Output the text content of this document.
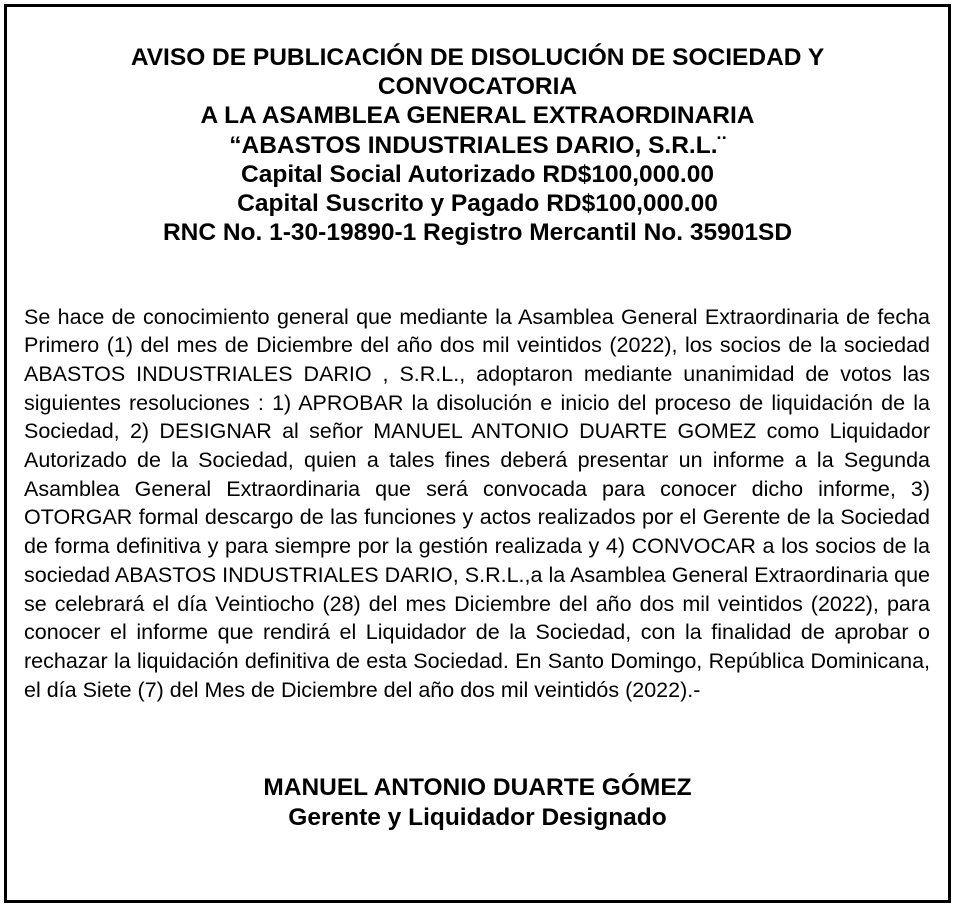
AVISO DE PUBLICACIÓN DE DISOLUCIÓN DE SOCIEDAD Y
CONVOCATORIA
A LA ASAMBLEA GENERAL EXTRAORDINARIA
“ABASTOS INDUSTRIALES DARIO, S.R.L.¨
Capital Social Autorizado RD$100,000.00
Capital Suscrito y Pagado RD$100,000.00
RNC No. 1-30-19890-1 Registro Mercantil No. 35901SD

Se hace de conocimiento general que mediante la Asamblea General Extraordinaria de fecha Primero (1) del mes de Diciembre del año dos mil veintidos (2022), los socios de la sociedad ABASTOS INDUSTRIALES DARIO , S.R.L., adoptaron mediante unanimidad de votos las siguientes resoluciones : 1) APROBAR la disolución e inicio del proceso de liquidación de la Sociedad, 2) DESIGNAR al señor MANUEL ANTONIO DUARTE GOMEZ como Liquidador Autorizado de la Sociedad, quien a tales fines deberá presentar un informe a la Segunda Asamblea General Extraordinaria que será convocada para conocer dicho informe, 3) OTORGAR formal descargo de las funciones y actos realizados por el Gerente de la Sociedad de forma definitiva y para siempre por la gestión realizada y 4) CONVOCAR a los socios de la sociedad ABASTOS INDUSTRIALES DARIO, S.R.L.,a la Asamblea General Extraordinaria que se celebrará el día Veintiocho (28) del mes Diciembre del año dos mil veintidos (2022), para conocer el informe que rendirá el Liquidador de la Sociedad, con la finalidad de aprobar o rechazar la liquidación definitiva de esta Sociedad. En Santo Domingo, República Dominicana, el día Siete (7) del Mes de Diciembre del año dos mil veintidós (2022).-

MANUEL ANTONIO DUARTE GÓMEZ
Gerente y Liquidador Designado
